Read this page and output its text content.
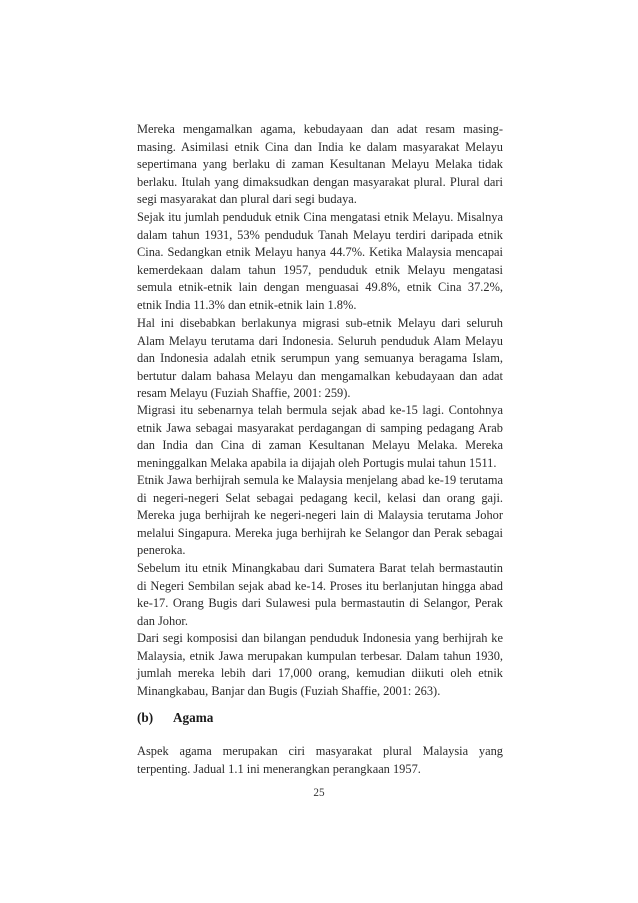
Mereka mengamalkan agama, kebudayaan dan adat resam masing-masing. Asimilasi etnik Cina dan India ke dalam masyarakat Melayu sepertimana yang berlaku di zaman Kesultanan Melayu Melaka tidak berlaku. Itulah yang dimaksudkan dengan masyarakat plural. Plural dari segi masyarakat dan plural dari segi budaya.

Sejak itu jumlah penduduk etnik Cina mengatasi etnik Melayu. Misalnya dalam tahun 1931, 53% penduduk Tanah Melayu terdiri daripada etnik Cina. Sedangkan etnik Melayu hanya 44.7%. Ketika Malaysia mencapai kemerdekaan dalam tahun 1957, penduduk etnik Melayu mengatasi semula etnik-etnik lain dengan menguasai 49.8%, etnik Cina 37.2%, etnik India 11.3% dan etnik-etnik lain 1.8%.

Hal ini disebabkan berlakunya migrasi sub-etnik Melayu dari seluruh Alam Melayu terutama dari Indonesia. Seluruh penduduk Alam Melayu dan Indonesia adalah etnik serumpun yang semuanya beragama Islam, bertutur dalam bahasa Melayu dan mengamalkan kebudayaan dan adat resam Melayu (Fuziah Shaffie, 2001: 259).

Migrasi itu sebenarnya telah bermula sejak abad ke-15 lagi. Contohnya etnik Jawa sebagai masyarakat perdagangan di samping pedagang Arab dan India dan Cina di zaman Kesultanan Melayu Melaka. Mereka meninggalkan Melaka apabila ia dijajah oleh Portugis mulai tahun 1511.

Etnik Jawa berhijrah semula ke Malaysia menjelang abad ke-19 terutama di negeri-negeri Selat sebagai pedagang kecil, kelasi dan orang gaji. Mereka juga berhijrah ke negeri-negeri lain di Malaysia terutama Johor melalui Singapura. Mereka juga berhijrah ke Selangor dan Perak sebagai peneroka.

Sebelum itu etnik Minangkabau dari Sumatera Barat telah bermastautin di Negeri Sembilan sejak abad ke-14. Proses itu berlanjutan hingga abad ke-17. Orang Bugis dari Sulawesi pula bermastautin di Selangor, Perak dan Johor.

Dari segi komposisi dan bilangan penduduk Indonesia yang berhijrah ke Malaysia, etnik Jawa merupakan kumpulan terbesar. Dalam tahun 1930, jumlah mereka lebih dari 17,000 orang, kemudian diikuti oleh etnik Minangkabau, Banjar dan Bugis (Fuziah Shaffie, 2001: 263).

(b)	Agama

Aspek agama merupakan ciri masyarakat plural Malaysia yang terpenting. Jadual 1.1 ini menerangkan perangkaan 1957.

25
